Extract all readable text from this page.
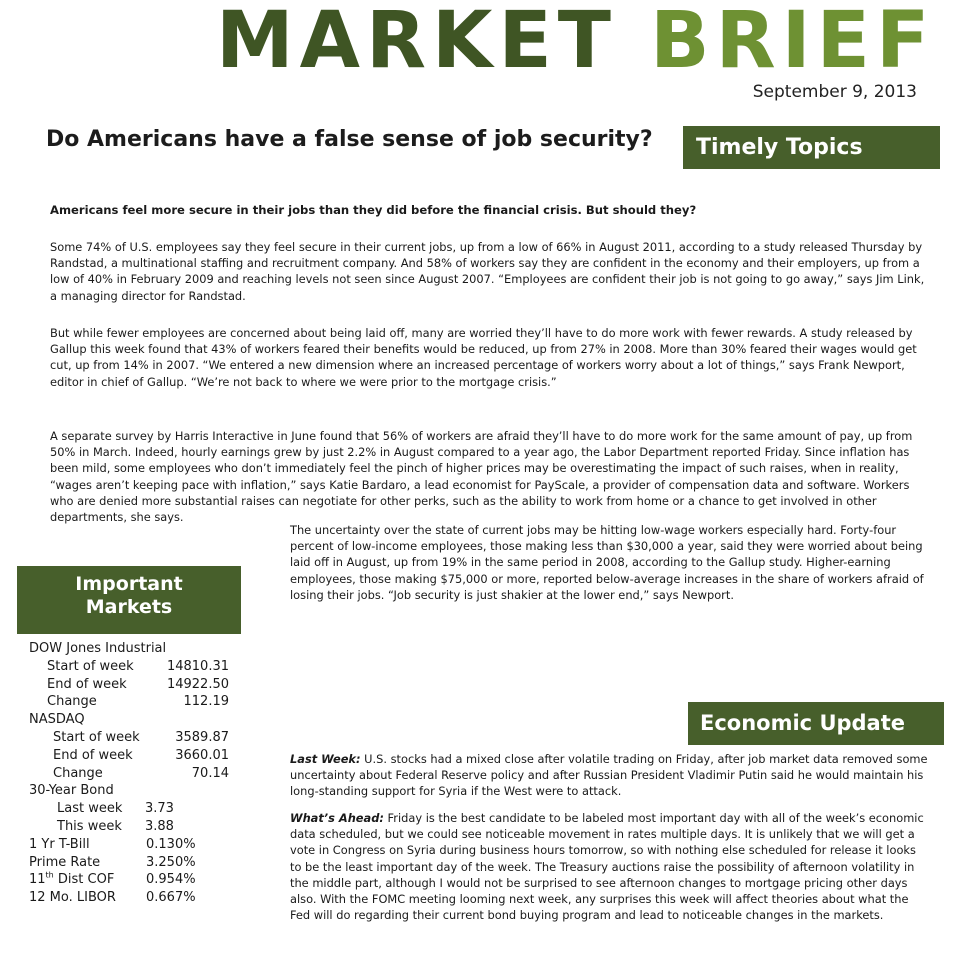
MARKET BRIEF
September 9, 2013
Do Americans have a false sense of job security?	Timely Topics
Important
Markets
Economic Update
Americans feel more secure in their jobs than they did before the financial crisis. But should they?
Some 74% of U.S. employees say they feel secure in their current jobs, up from a low of 66% in August 2011, according to a study released Thursday by Randstad, a multinational staffing and recruitment company. And 58% of workers say they are confident in the economy and their employers, up from a low of 40% in February 2009 and reaching levels not seen since August 2007. “Employees are confident their job is not going to go away,” says Jim Link, a managing director for Randstad.
But while fewer employees are concerned about being laid off, many are worried they’ll have to do more work with fewer rewards. A study released by Gallup this week found that 43% of workers feared their benefits would be reduced, up from 27% in 2008. More than 30% feared their wages would get cut, up from 14% in 2007. “We entered a new dimension where an increased percentage of workers worry about a lot of things,” says Frank Newport, editor in chief of Gallup. “We’re not back to where we were prior to the mortgage crisis.”
A separate survey by Harris Interactive in June found that 56% of workers are afraid they’ll have to do more work for the same amount of pay, up from 50% in March. Indeed, hourly earnings grew by just 2.2% in August compared to a year ago, the Labor Department reported Friday. Since inflation has been mild, some employees who don’t immediately feel the pinch of higher prices may be overestimating the impact of such raises, when in reality, “wages aren’t keeping pace with inflation,” says Katie Bardaro, a lead economist for PayScale, a provider of compensation data and software. Workers who are denied more substantial raises can negotiate for other perks, such as the ability to work from home or a chance to get involved in other departments, she says.
The uncertainty over the state of current jobs may be hitting low-wage workers especially hard. Forty-four percent of low-income employees, those making less than $30,000 a year, said they were worried about being laid off in August, up from 19% in the same period in 2008, according to the Gallup study. Higher-earning employees, those making $75,000 or more, reported below-average increases in the share of workers afraid of losing their jobs. “Job security is just shakier at the lower end,” says Newport.
Last Week: U.S. stocks had a mixed close after volatile trading on Friday, after job market data removed some uncertainty about Federal Reserve policy and after Russian President Vladimir Putin said he would maintain his long-standing support for Syria if the West were to attack.
What’s Ahead: Friday is the best candidate to be labeled most important day with all of the week’s economic data scheduled, but we could see noticeable movement in rates multiple days. It is unlikely that we will get a vote in Congress on Syria during business hours tomorrow, so with nothing else scheduled for release it looks to be the least important day of the week. The Treasury auctions raise the possibility of afternoon volatility in the middle part, although I would not be surprised to see afternoon changes to mortgage pricing other days also. With the FOMC meeting looming next week, any surprises this week will affect theories about what the Fed will do regarding their current bond buying program and lead to noticeable changes in the markets.
DOW Jones Industrial
Start of week	14810.31
End of week	14922.50
Change	112.19
NASDAQ
Start of week	3589.87
End of week	3660.01
Change	70.14
30-Year Bond
Last week 3.73
This week 3.88
1 Yr T-Bill	0.130%
Prime Rate	3.250%
11th Dist COF 0.954%
12 Mo. LIBOR 0.667%
